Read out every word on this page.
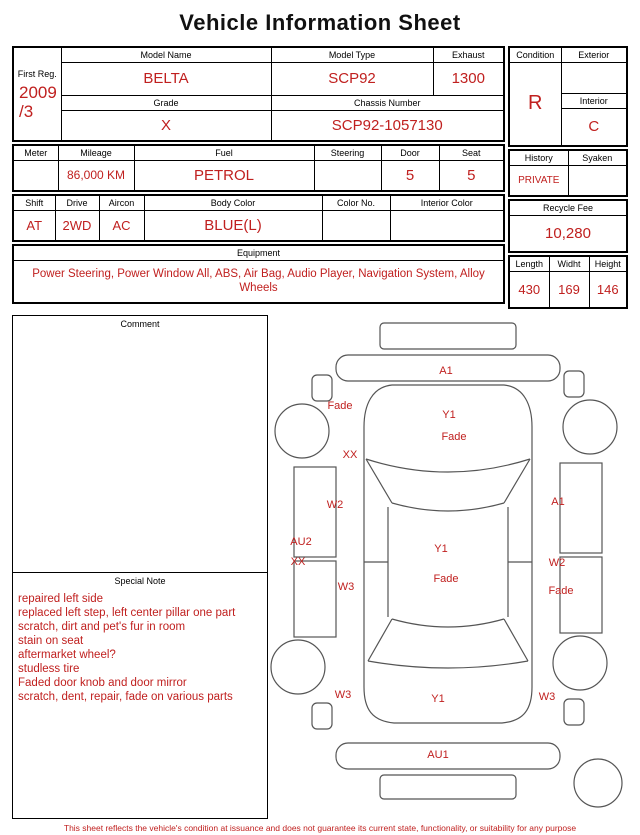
Vehicle Information Sheet
First Reg.
2009
/3	Model Name	Model Type	Exhaust
	BELTA	SCP92	1300
	Grade	Chassis Number	
	X	SCP92-1057130	
Meter	Mileage	Fuel	Steering	Door	Seat
	86,000 KM	PETROL		5	5
Shift	Drive	Aircon	Body Color	Color No.	Interior Color
AT	2WD	AC	BLUE(L)		
Equipment
Power Steering, Power Window All, ABS, Air Bag, Audio Player, Navigation System, Alloy Wheels
Condition	Exterior
R	
	Interior
	C
History	Syaken
PRIVATE	
Recycle Fee
10,280
Length	Widht	Height
430	169	146
Comment
Special Note
repaired left side
replaced left step, left center pillar one part
scratch, dirt and pet's fur in room
stain on seat
aftermarket wheel?
studless tire
Faded door knob and door mirror
scratch, dent, repair, fade on various parts
A1
Fade
Y1
Fade
XX
W2	A1
AU2
XX
Y1
Fade
W2
W3	Fade
W3	Y1	W3
AU1
This sheet reflects the vehicle's condition at issuance and does not guarantee its current state, functionality, or suitability for any purpose
